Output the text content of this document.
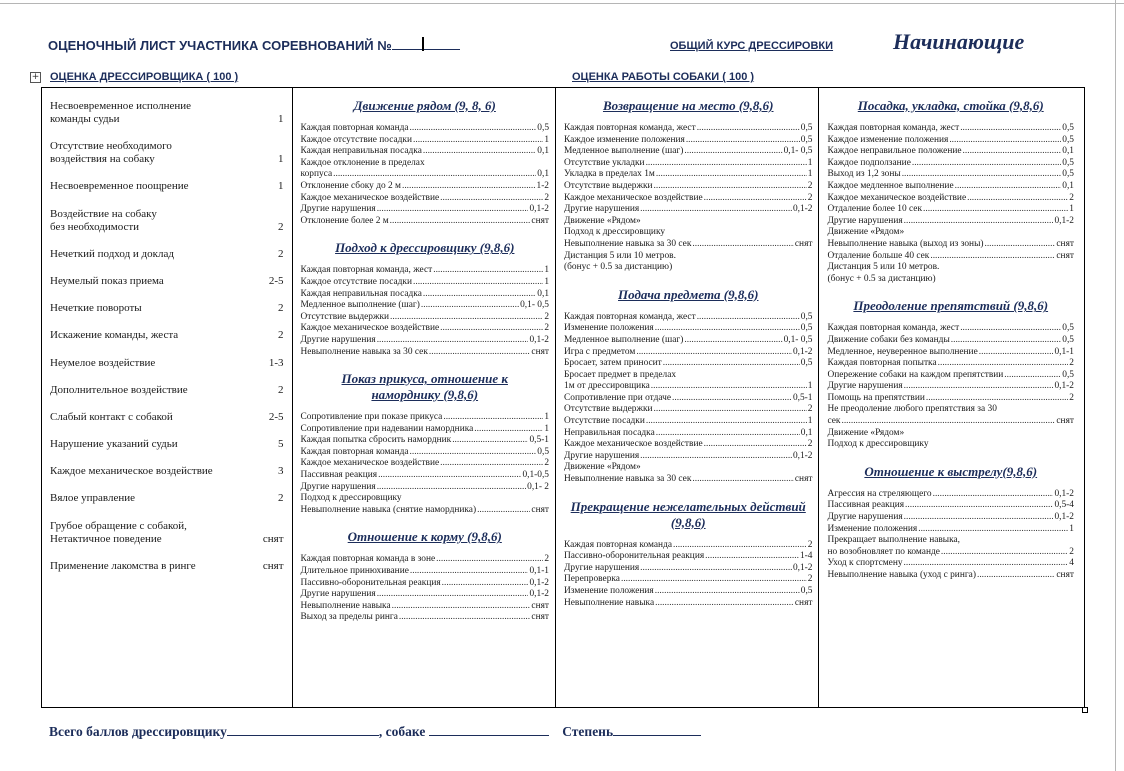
ОЦЕНОЧНЫЙ ЛИСТ УЧАСТНИКА СОРЕВНОВАНИЙ №	ОБЩИЙ КУРС ДРЕССИРОВКИ	Начинающие
+ ОЦЕНКА ДРЕССИРОВЩИКА ( 100 )	ОЦЕНКА РАБОТЫ СОБАКИ ( 100 )
Несвоевременное исполнение
команды судьи	1
Отсутствие необходимого
воздействия на собаку	1
Несвоевременное поощрение	1
Воздействие на собаку
без необходимости	2
Нечеткий подход и доклад	2
Неумелый показ приема	2-5
Нечеткие повороты	2
Искажение команды, жеста	2
Неумелое воздействие	1-3
Дополнительное воздействие	2
Слабый контакт с собакой	2-5
Нарушение указаний судьи	5
Каждое механическое воздействие	3
Вялое управление	2
Грубое обращение с собакой,
Нетактичное поведение	снят
Применение лакомства в ринге	снят
Движение рядом (9, 8, 6)
Каждая повторная команда .....	0,5
Каждое отсутствие посадки .....	1
Каждая неправильная посадка .....	0,1
Каждое отклонение в пределах
корпуса .....	0,1
Отклонение сбоку до 2 м .....	1-2
Каждое механическое воздействие .....	2
Другие нарушения .....	0,1-2
Отклонение более 2 м .....	снят
Подход к дрессировщику (9,8,6)
Каждая повторная команда, жест .....	1
Каждое отсутствие посадки .....	1
Каждая неправильная посадка .....	0,1
Медленное выполнение (шаг) .....	0,1- 0,5
Отсутствие выдержки .....	2
Каждое механическое воздействие .....	2
Другие нарушения .....	0,1-2
Невыполнение навыка за 30 сек .....	снят
Показ прикуса, отношение к наморднику (9,8,6)
Сопротивление при показе прикуса .....	1
Сопротивление при надевании намордника .....	1
Каждая попытка сбросить намордник .....	0,5-1
Каждая повторная команда .....	0,5
Каждое механическое воздействие .....	2
Пассивная реакция .....	0,1-0,5
Другие нарушения .....	0,1- 2
Подход к дрессировщику
Невыполнение навыка (снятие намордника) .....	снят
Отношение к корму (9,8,6)
Каждая повторная команда в зоне .....	2
Длительное принюхивание .....	0,1-1
Пассивно-оборонительная реакция .....	0,1-2
Другие нарушения .....	0,1-2
Невыполнение навыка .....	снят
Выход за пределы ринга .....	снят
Возвращение на место (9,8,6)
Каждая повторная команда, жест .....	0,5
Каждое изменение положения .....	0,5
Медленное выполнение (шаг) .....	0,1- 0,5
Отсутствие укладки .....	1
Укладка в пределах 1м .....	1
Отсутствие выдержки .....	2
Каждое механическое воздействие .....	2
Другие нарушения .....	0,1-2
Движение «Рядом»
Подход к дрессировщику
Невыполнение навыка за 30 сек .....	снят
Дистанция 5 или 10 метров.
(бонус + 0.5 за дистанцию)
Подача предмета (9,8,6)
Каждая повторная команда, жест .....	0,5
Изменение положения .....	0,5
Медленное выполнение (шаг) .....	0,1- 0,5
Игра с предметом .....	0,1-2
Бросает, затем приносит .....	0,5
Бросает предмет в пределах
1м от дрессировщика .....	1
Сопротивление при отдаче .....	0,5-1
Отсутствие выдержки .....	2
Отсутствие посадки .....	1
Неправильная посадка .....	0,1
Каждое механическое воздействие .....	2
Другие нарушения .....	0,1-2
Движение «Рядом»
Невыполнение навыка за 30 сек .....	снят
Прекращение нежелательных действий (9,8,6)
Каждая повторная команда .....	2
Пассивно-оборонительная реакция .....	1-4
Другие нарушения .....	0,1-2
Перепроверка .....	2
Изменение положения .....	0,5
Невыполнение навыка .....	снят
Посадка, укладка, стойка (9,8,6)
Каждая повторная команда, жест .....	0,5
Каждое изменение положения .....	0,5
Каждое неправильное положение .....	0,1
Каждое подползание .....	0,5
Выход из 1,2 зоны .....	0,5
Каждое медленное выполнение .....	0,1
Каждое механическое воздействие .....	2
Отдаление более 10 сек .....	1
Другие нарушения .....	0,1-2
Движение «Рядом»
Невыполнение навыка (выход из зоны) .....	снят
Отдаление больше 40 сек .....	снят
Дистанция 5 или 10 метров.
(бонус + 0.5 за дистанцию)
Преодоление препятствий (9,8,6)
Каждая повторная команда, жест .....	0,5
Движение собаки без команды .....	0,5
Медленное, неуверенное выполнение .....	0,1-1
Каждая повторная попытка .....	2
Опережение собаки на каждом препятствии .....	0,5
Другие нарушения .....	0,1-2
Помощь на препятствии .....	2
Не преодоление любого препятствия за 30
сек .....	снят
Движение «Рядом»
Подход к дрессировщику
Отношение к выстрелу(9,8,6)
Агрессия на стреляющего .....	0,1-2
Пассивная реакция .....	0,5-4
Другие нарушения .....	0,1-2
Изменение положения .....	1
Прекращает выполнение навыка,
но возобновляет по команде .....	2
Уход к спортсмену .....	4
Невыполнение навыка (уход с ринга) .....	снят
Всего баллов дрессировщику	, собаке	Степень
